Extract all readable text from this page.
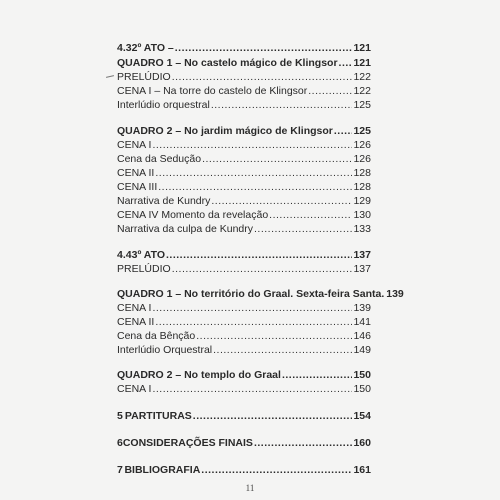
4.3 2º ATO – .....	121
QUADRO 1 – No castelo mágico de Klingsor ..... 121
PRELÚDIO .....	122
CENA I – Na torre do castelo de Klingsor .....	122
Interlúdio orquestral .....	125
QUADRO 2 – No jardim mágico de Klingsor ..... 125
CENA I .....	126
Cena da Sedução .....	126
CENA II .....	128
CENA III .....	128
Narrativa de Kundry .....	129
CENA IV Momento da revelação .....	130
Narrativa da culpa de Kundry .....	133
4.4 3º ATO .....	137
PRELÚDIO .....	137
QUADRO 1 – No território do Graal. Sexta-feira Santa. 139
CENA I .....	139
CENA II .....	141
Cena da Bênção .....	146
Interlúdio Orquestral .....	149
QUADRO 2 – No templo do Graal .....	150
CENA I .....	150
5 PARTITURAS .....	154
6 CONSIDERAÇÕES FINAIS .....	160
7 BIBLIOGRAFIA .....	161
11
